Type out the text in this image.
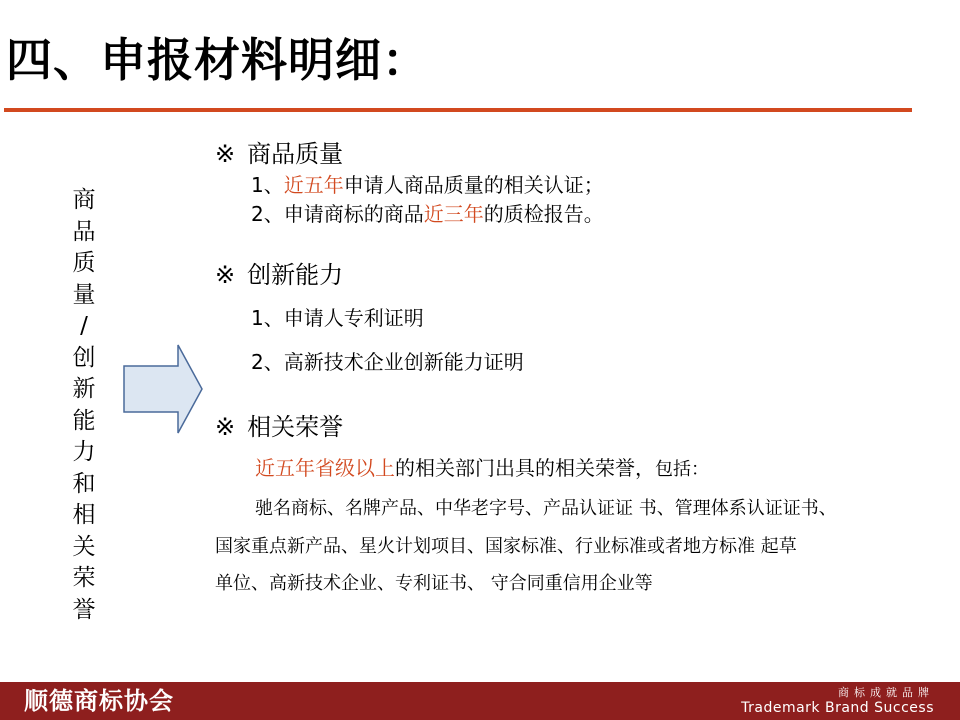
四、申报材料明细：
商
品
质
量
/
创
新
能
力
和
相
关
荣
誉
※ 商品质量
1、近五年申请人商品质量的相关认证；
2、申请商标的商品近三年的质检报告。
※ 创新能力
1、申请人专利证明
2、高新技术企业创新能力证明
※ 相关荣誉
近五年省级以上的相关部门出具的相关荣誉，包括：
驰名商标、名牌产品、中华老字号、产品认证证 书、管理体系认证证书、
国家重点新产品、星火计划项目、国家标准、行业标准或者地方标准 起草
单位、高新技术企业、专利证书、 守合同重信用企业等
顺德商标协会	商标成就品牌
Trademark Brand Success
